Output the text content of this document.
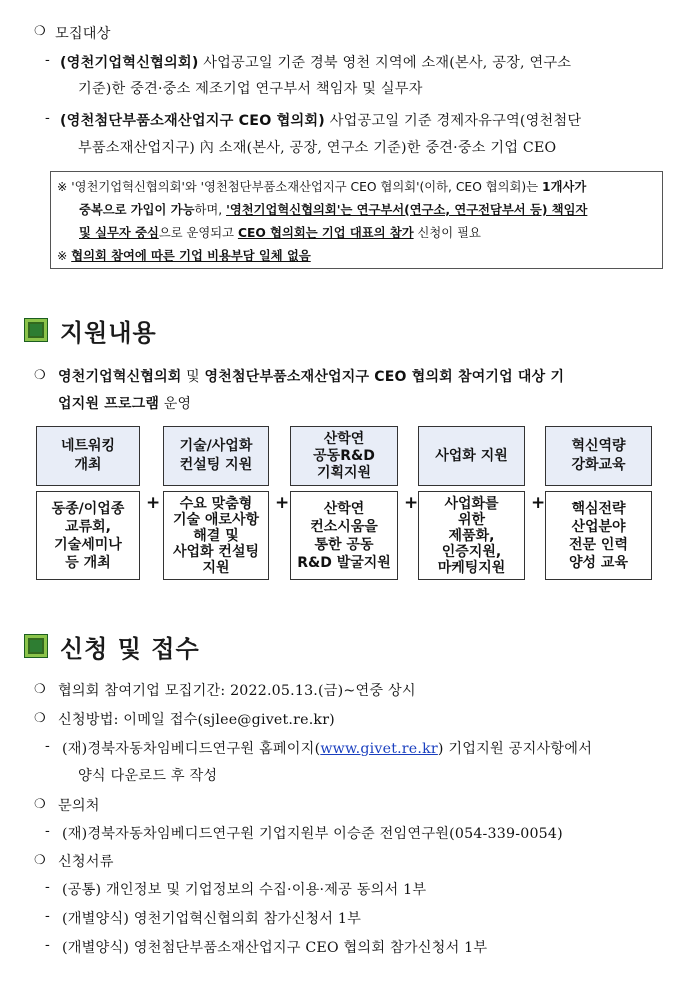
❍ 모집대상
- (영천기업혁신협의회) 사업공고일 기준 경북 영천 지역에 소재(본사, 공장, 연구소
기준)한 중견·중소 제조기업 연구부서 책임자 및 실무자
- (영천첨단부품소재산업지구 CEO 협의회) 사업공고일 기준 경제자유구역(영천첨단
부품소재산업지구) 內 소재(본사, 공장, 연구소 기준)한 중견·중소 기업 CEO
※ '영천기업혁신협의회'와 '영천첨단부품소재산업지구 CEO 협의회'(이하, CEO 협의회)는 1개사가
중복으로 가입이 가능하며, '영천기업혁신협의회'는 연구부서(연구소, 연구전담부서 등) 책임자
및 실무자 중심으로 운영되고 CEO 협의회는 기업 대표의 참가 신청이 필요
※ 협의회 참여에 따른 기업 비용부담 일체 없음
지원내용
❍ 영천기업혁신협의회 및 영천첨단부품소재산업지구 CEO 협의회 참여기업 대상 기
업지원 프로그램 운영
네트워킹
개최
동종/이업종
교류회,
기술세미나
등 개최
+
기술/사업화
컨설팅 지원
수요 맞춤형
기술 애로사항
해결 및
사업화 컨설팅
지원
+
산학연
공동R&D
기획지원
산학연
컨소시움을
통한 공동
R&D 발굴지원
+
사업화 지원
사업화를
위한
제품화,
인증지원,
마케팅지원
+
혁신역량
강화교육
핵심전략
산업분야
전문 인력
양성 교육
신청 및 접수
❍ 협의회 참여기업 모집기간: 2022.05.13.(금)~연중 상시
❍ 신청방법: 이메일 접수(sjlee@givet.re.kr)
- (재)경북자동차임베디드연구원 홈페이지(www.givet.re.kr) 기업지원 공지사항에서
양식 다운로드 후 작성
❍ 문의처
- (재)경북자동차임베디드연구원 기업지원부 이승준 전임연구원(054-339-0054)
❍ 신청서류
- (공통) 개인정보 및 기업정보의 수집·이용·제공 동의서 1부
- (개별양식) 영천기업혁신협의회 참가신청서 1부
- (개별양식) 영천첨단부품소재산업지구 CEO 협의회 참가신청서 1부
